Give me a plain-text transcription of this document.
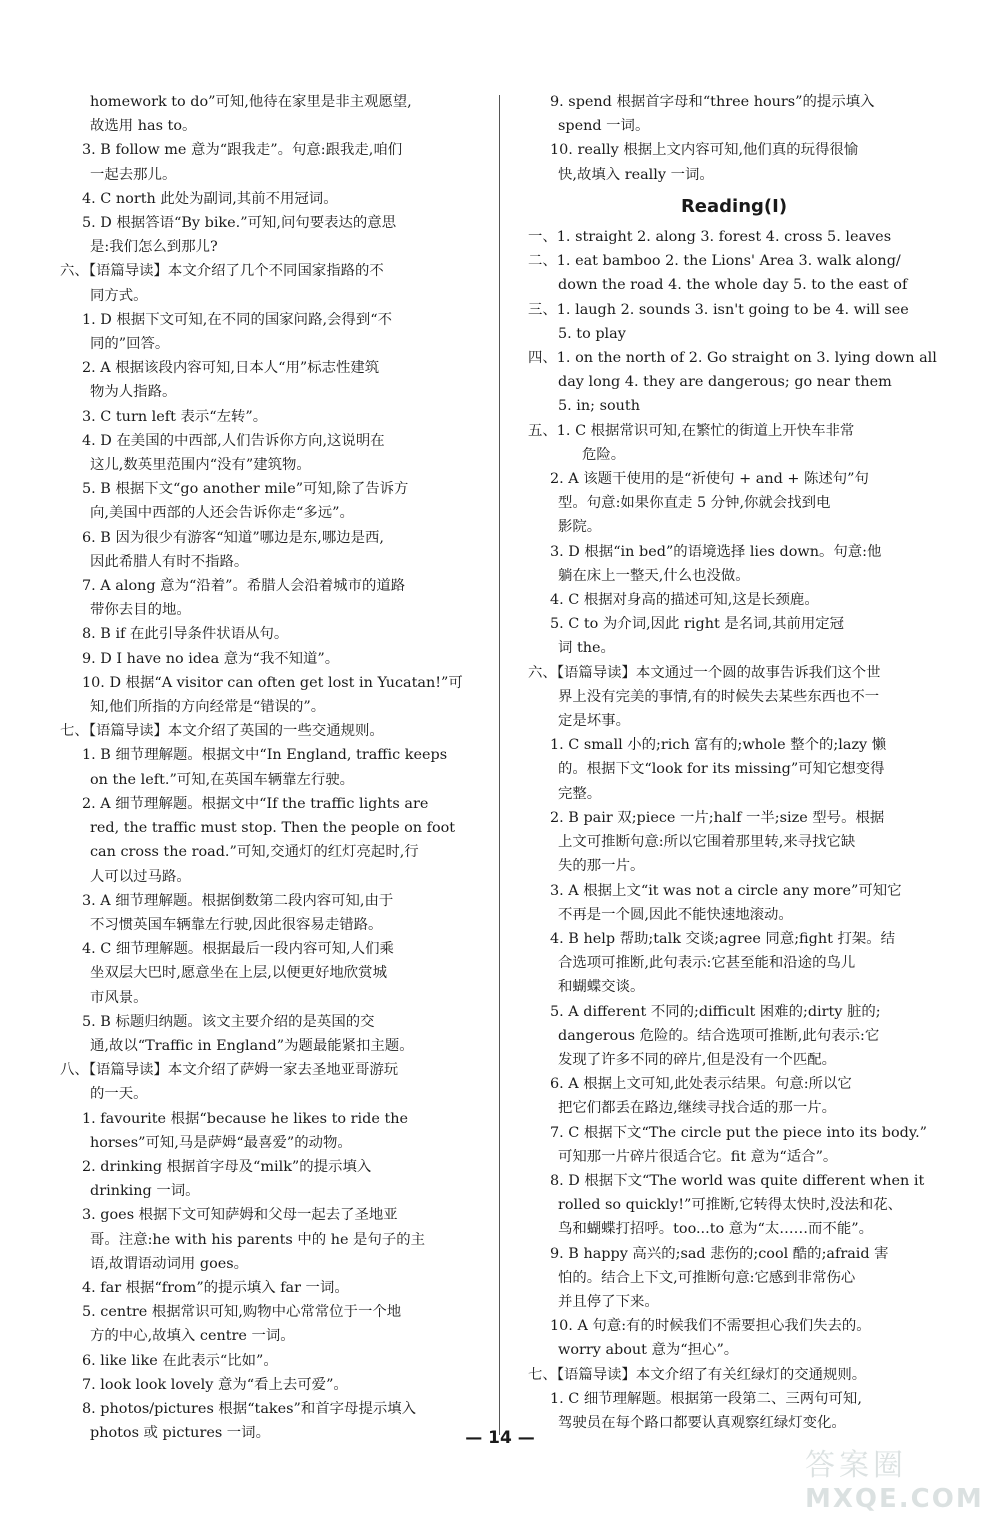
homework to do”可知,他待在家里是非主观愿望,
故选用 has to。
3. B follow me 意为“跟我走”。句意:跟我走,咱们
一起去那儿。
4. C north 此处为副词,其前不用冠词。
5. D 根据答语“By bike.”可知,问句要表达的意思
是:我们怎么到那儿?
六、【语篇导读】本文介绍了几个不同国家指路的不
同方式。
1. D 根据下文可知,在不同的国家问路,会得到“不
同的”回答。
2. A 根据该段内容可知,日本人“用”标志性建筑
物为人指路。
3. C turn left 表示“左转”。
4. D 在美国的中西部,人们告诉你方向,这说明在
这儿,数英里范围内“没有”建筑物。
5. B 根据下文“go another mile”可知,除了告诉方
向,美国中西部的人还会告诉你走“多远”。
6. B 因为很少有游客“知道”哪边是东,哪边是西,
因此希腊人有时不指路。
7. A along 意为“沿着”。希腊人会沿着城市的道路
带你去目的地。
8. B if 在此引导条件状语从句。
9. D I have no idea 意为“我不知道”。
10. D 根据“A visitor can often get lost in Yucatan!”可
知,他们所指的方向经常是“错误的”。
七、【语篇导读】本文介绍了英国的一些交通规则。
1. B 细节理解题。根据文中“In England, traffic keeps
on the left.”可知,在英国车辆靠左行驶。
2. A 细节理解题。根据文中“If the traffic lights are
red, the traffic must stop. Then the people on foot
can cross the road.”可知,交通灯的红灯亮起时,行
人可以过马路。
3. A 细节理解题。根据倒数第二段内容可知,由于
不习惯英国车辆靠左行驶,因此很容易走错路。
4. C 细节理解题。根据最后一段内容可知,人们乘
坐双层大巴时,愿意坐在上层,以便更好地欣赏城
市风景。
5. B 标题归纳题。该文主要介绍的是英国的交
通,故以“Traffic in England”为题最能紧扣主题。
八、【语篇导读】本文介绍了萨姆一家去圣地亚哥游玩
的一天。
1. favourite 根据“because he likes to ride the
horses”可知,马是萨姆“最喜爱”的动物。
2. drinking 根据首字母及“milk”的提示填入
drinking 一词。
3. goes 根据下文可知萨姆和父母一起去了圣地亚
哥。注意:he with his parents 中的 he 是句子的主
语,故谓语动词用 goes。
4. far 根据“from”的提示填入 far 一词。
5. centre 根据常识可知,购物中心常常位于一个地
方的中心,故填入 centre 一词。
6. like like 在此表示“比如”。
7. look look lovely 意为“看上去可爱”。
8. photos/pictures 根据“takes”和首字母提示填入
photos 或 pictures 一词。
9. spend 根据首字母和“three hours”的提示填入
spend 一词。
10. really 根据上文内容可知,他们真的玩得很愉
快,故填入 really 一词。
Reading(Ⅰ)
一、1. straight 2. along 3. forest 4. cross 5. leaves
二、1. eat bamboo 2. the Lions' Area 3. walk along/
down the road 4. the whole day 5. to the east of
三、1. laugh 2. sounds 3. isn't going to be 4. will see
5. to play
四、1. on the north of 2. Go straight on 3. lying down all
day long 4. they are dangerous; go near them
5. in; south
五、1. C 根据常识可知,在繁忙的街道上开快车非常
危险。
2. A 该题干使用的是“祈使句 + and + 陈述句”句
型。句意:如果你直走 5 分钟,你就会找到电
影院。
3. D 根据“in bed”的语境选择 lies down。句意:他
躺在床上一整天,什么也没做。
4. C 根据对身高的描述可知,这是长颈鹿。
5. C to 为介词,因此 right 是名词,其前用定冠
词 the。
六、【语篇导读】本文通过一个圆的故事告诉我们这个世
界上没有完美的事情,有的时候失去某些东西也不一
定是坏事。
1. C small 小的;rich 富有的;whole 整个的;lazy 懒
的。根据下文“look for its missing”可知它想变得
完整。
2. B pair 双;piece 一片;half 一半;size 型号。根据
上文可推断句意:所以它围着那里转,来寻找它缺
失的那一片。
3. A 根据上文“it was not a circle any more”可知它
不再是一个圆,因此不能快速地滚动。
4. B help 帮助;talk 交谈;agree 同意;fight 打架。结
合选项可推断,此句表示:它甚至能和沿途的鸟儿
和蝴蝶交谈。
5. A different 不同的;difficult 困难的;dirty 脏的;
dangerous 危险的。结合选项可推断,此句表示:它
发现了许多不同的碎片,但是没有一个匹配。
6. A 根据上文可知,此处表示结果。句意:所以它
把它们都丢在路边,继续寻找合适的那一片。
7. C 根据下文“The circle put the piece into its body.”
可知那一片碎片很适合它。fit 意为“适合”。
8. D 根据下文“The world was quite different when it
rolled so quickly!”可推断,它转得太快时,没法和花、
鸟和蝴蝶打招呼。too...to 意为“太……而不能”。
9. B happy 高兴的;sad 悲伤的;cool 酷的;afraid 害
怕的。结合上下文,可推断句意:它感到非常伤心
并且停了下来。
10. A 句意:有的时候我们不需要担心我们失去的。
worry about 意为“担心”。
七、【语篇导读】本文介绍了有关红绿灯的交通规则。
1. C 细节理解题。根据第一段第二、三两句可知,
驾驶员在每个路口都要认真观察红绿灯变化。
— 14 —
答案圈
MXQE.COM
